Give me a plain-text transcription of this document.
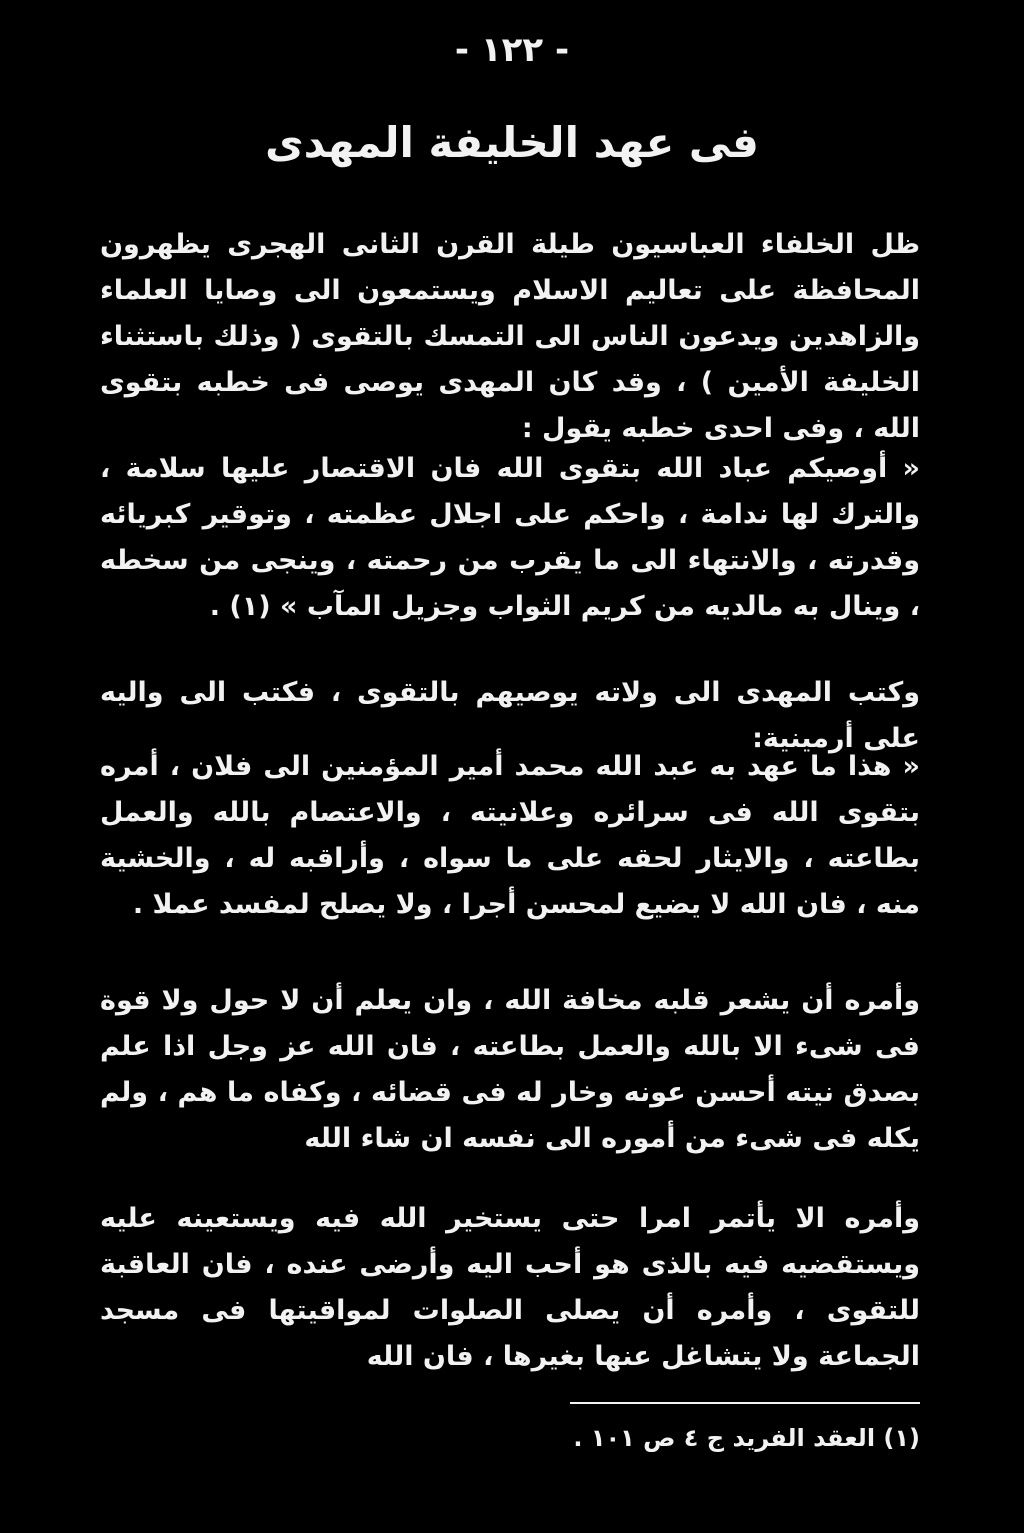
- ١٢٢ -
فى عهد الخليفة المهدى
ظل الخلفاء العباسيون طيلة القرن الثانى الهجرى يظهرون المحافظة على تعاليم الاسلام ويستمعون الى وصايا العلماء والزاهدين ويدعون الناس الى التمسك بالتقوى ( وذلك باستثناء الخليفة الأمين ) ، وقد كان المهدى يوصى فى خطبه بتقوى الله ، وفى احدى خطبه يقول :
« أوصيكم عباد الله بتقوى الله فان الاقتصار عليها سلامة ، والترك لها ندامة ، واحكم على اجلال عظمته ، وتوقير كبريائه وقدرته ، والانتهاء الى ما يقرب من رحمته ، وينجى من سخطه ، وينال به مالديه من كريم الثواب وجزيل المآب » (١) .
وكتب المهدى الى ولاته يوصيهم بالتقوى ، فكتب الى واليه على أرمينية:
« هذا ما عهد به عبد الله محمد أمير المؤمنين الى فلان ، أمره بتقوى الله فى سرائره وعلانيته ، والاعتصام بالله والعمل بطاعته ، والايثار لحقه على ما سواه ، وأراقبه له ، والخشية منه ، فان الله لا يضيع لمحسن أجرا ، ولا يصلح لمفسد عملا .
وأمره أن يشعر قلبه مخافة الله ، وان يعلم أن لا حول ولا قوة فى شىء الا بالله والعمل بطاعته ، فان الله عز وجل اذا علم بصدق نيته أحسن عونه وخار له فى قضائه ، وكفاه ما هم ، ولم يكله فى شىء من أموره الى نفسه ان شاء الله
وأمره الا يأتمر امرا حتى يستخير الله فيه ويستعينه عليه ويستقضيه فيه بالذى هو أحب اليه وأرضى عنده ، فان العاقبة للتقوى ، وأمره أن يصلى الصلوات لمواقيتها فى مسجد الجماعة ولا يتشاغل عنها بغيرها ، فان الله
(١) العقد الفريد ج ٤ ص ١٠١ .
